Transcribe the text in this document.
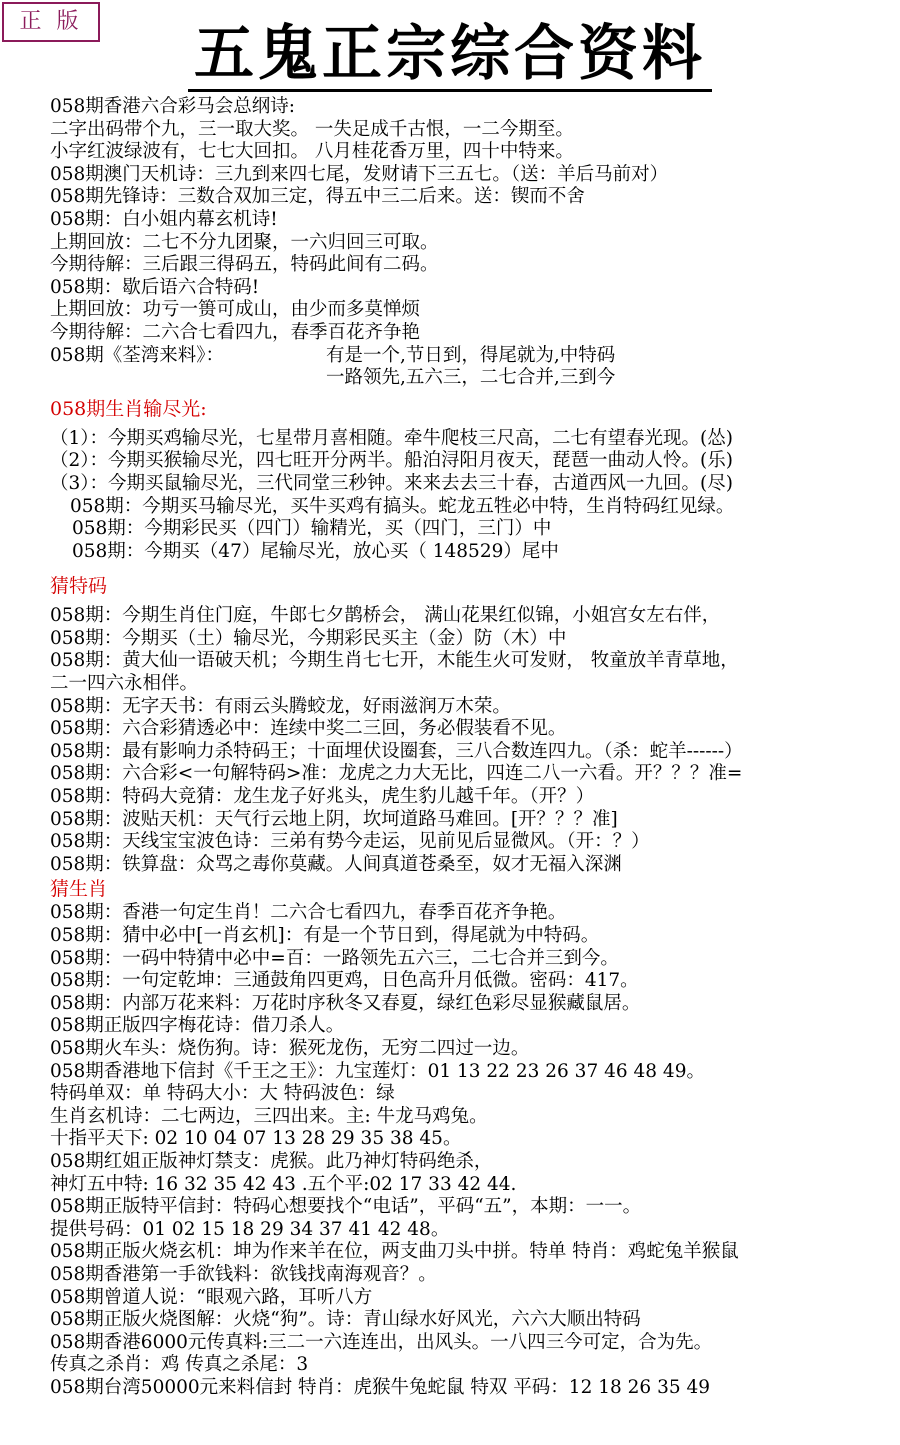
正 版	五鬼正宗综合资料
058期香港六合彩马会总纲诗:
二字出码带个九，三一取大奖。 一失足成千古恨，一二今期至。
小字红波绿波有，七七大回扣。 八月桂花香万里，四十中特来。
058期澳门天机诗：三九到来四七尾，发财请下三五七。（送：羊后马前对）
058期先锋诗：三数合双加三定，得五中三二后来。送：锲而不舍
058期：白小姐内幕玄机诗!
上期回放：二七不分九团聚，一六归回三可取。
今期待解：三后跟三得码五，特码此间有二码。
058期：歇后语六合特码!
上期回放：功亏一篑可成山，由少而多莫惮烦
今期待解：二六合七看四九，春季百花齐争艳
058期《荃湾来料》：	有是一个,节日到，得尾就为,中特码
一路领先,五六三，二七合并,三到今
058期生肖输尽光:
（1）：今期买鸡输尽光，七星带月喜相随。牵牛爬枝三尺高，二七有望春光现。(怂)
（2）：今期买猴输尽光，四七旺开分两半。船泊浔阳月夜天，琵琶一曲动人怜。(乐)
（3）：今期买鼠输尽光，三代同堂三秒钟。来来去去三十春，古道西风一九回。(尽)
058期：今期买马输尽光，买牛买鸡有搞头。蛇龙五牲必中特，生肖特码红见绿。
058期：今期彩民买（四门）输精光，买（四门，三门）中
058期：今期买（47）尾输尽光，放心买（ 148529）尾中
猜特码
058期：今期生肖住门庭，牛郎七夕鹊桥会， 满山花果红似锦，小姐宫女左右伴，
058期：今期买（土）输尽光，今期彩民买主（金）防（木）中
058期：黄大仙一语破天机；今期生肖七七开，木能生火可发财， 牧童放羊青草地，
二一四六永相伴。
058期：无字天书：有雨云头腾蛟龙，好雨滋润万木荣。
058期：六合彩猜透必中：连续中奖二三回，务必假装看不见。
058期：最有影响力杀特码王；十面埋伏设圈套，三八合数连四九。（杀：蛇羊------）
058期：六合彩<一句解特码>准：龙虎之力大无比，四连二八一六看。开？？？准=
058期：特码大竞猜：龙生龙子好兆头，虎生豹儿越千年。（开？）
058期：波贴天机：天气行云地上阴，坎坷道路马难回。[开？？？准]
058期：天线宝宝波色诗：三弟有势今走运，见前见后显微风。（开：？）
058期：铁算盘：众骂之毒你莫藏。人间真道苍桑至，奴才无福入深渊
猜生肖
058期：香港一句定生肖！二六合七看四九，春季百花齐争艳。
058期：猜中必中[一肖玄机]：有是一个节日到，得尾就为中特码。
058期：一码中特猜中必中=百：一路领先五六三，二七合并三到今。
058期：一句定乾坤：三通鼓角四更鸡，日色高升月低微。密码：417。
058期：内部万花来料：万花时序秋冬又春夏，绿红色彩尽显猴藏鼠居。
058期正版四字梅花诗：借刀杀人。
058期火车头：烧伤狗。诗：猴死龙伤，无穷二四过一边。
058期香港地下信封《千王之王》：九宝莲灯：01 13 22 23 26 37 46 48 49。
特码单双：单 特码大小：大 特码波色：绿
生肖玄机诗：二七两边，三四出来。主: 牛龙马鸡兔。
十指平天下: 02 10 04 07 13 28 29 35 38 45。
058期红姐正版神灯禁支：虎猴。此乃神灯特码绝杀，
神灯五中特: 16 32 35 42 43 .五个平:02 17 33 42 44.
058期正版特平信封：特码心想要找个“电话”，平码“五”，本期：一一。
提供号码：01 02 15 18 29 34 37 41 42 48。
058期正版火烧玄机：坤为作来羊在位，两支曲刀头中拼。特单 特肖：鸡蛇兔羊猴鼠
058期香港第一手欲钱料：欲钱找南海观音？。
058期曾道人说：“眼观六路，耳听八方
058期正版火烧图解：火烧“狗”。诗：青山绿水好风光，六六大顺出特码
058期香港6000元传真料:三二一六连连出，出风头。一八四三今可定，合为先。
传真之杀肖：鸡 传真之杀尾：3
058期台湾50000元来料信封 特肖：虎猴牛兔蛇鼠 特双 平码：12 18 26 35 49
